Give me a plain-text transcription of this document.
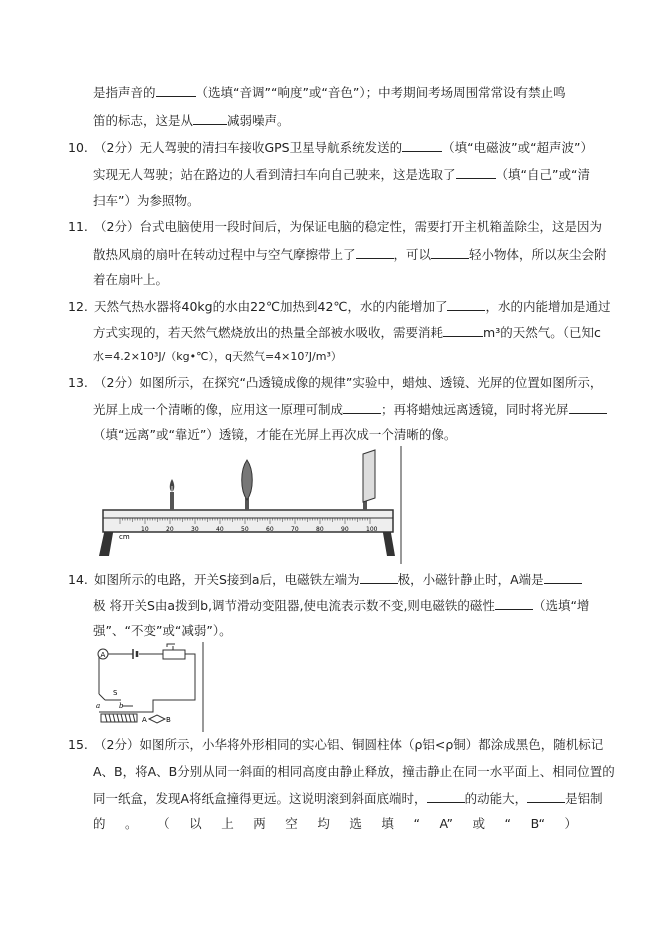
是指声音的	（选填“音调”“响度”或“音色”）；中考期间考场周围常常设有禁止鸣
笛的标志，这是从	减弱噪声。
10. （2分）无人驾驶的清扫车接收GPS卫星导航系统发送的	（填“电磁波”或“超声波”）
实现无人驾驶；站在路边的人看到清扫车向自己驶来，这是选取了	（填“自己”或“清
扫车”）为参照物。
11. （2分）台式电脑使用一段时间后，为保证电脑的稳定性，需要打开主机箱盖除尘，这是因为
散热风扇的扇叶在转动过程中与空气摩擦带上了	，可以	轻小物体，所以灰尘会附
着在扇叶上。
12. 天然气热水器将40kg的水由22℃加热到42℃，水的内能增加了	，水的内能增加是通过
方式实现的，若天然气燃烧放出的热量全部被水吸收，需要消耗	m³的天然气。（已知c
水=4.2×10³J/（kg•℃），q天然气=4×10⁷J/m³）
13. （2分）如图所示，在探究“凸透镜成像的规律”实验中，蜡烛、透镜、光屏的位置如图所示，
光屏上成一个清晰的像，应用这一原理可制成	；再将蜡烛远离透镜，同时将光屏
（填“远离”或“靠近”）透镜，才能在光屏上再次成一个清晰的像。
cm
10	20	30	40	50	60	70	80	90	100
14. 如图所示的电路，开关S接到a后，电磁铁左端为	极，小磁针静止时，A端是
极 将开关S由a拨到b,调节滑动变阻器,使电流表示数不变,则电磁铁的磁性	（选填“增
强”、“不变”或“减弱”）。
A
S
a	b
A	B
15. （2分）如图所示，小华将外形相同的实心铝、铜圆柱体（ρ铝<ρ铜）都涂成黑色，随机标记
A、B，将A、B分别从同一斜面的相同高度由静止释放，撞击静止在同一水平面上、相同位置的
同一纸盒，发现A将纸盒撞得更远。这说明滚到斜面底端时，	的动能大，	是铝制
的 。 （ 以 上 两 空 均 选 填 “ A” 或 “ B“ ）
